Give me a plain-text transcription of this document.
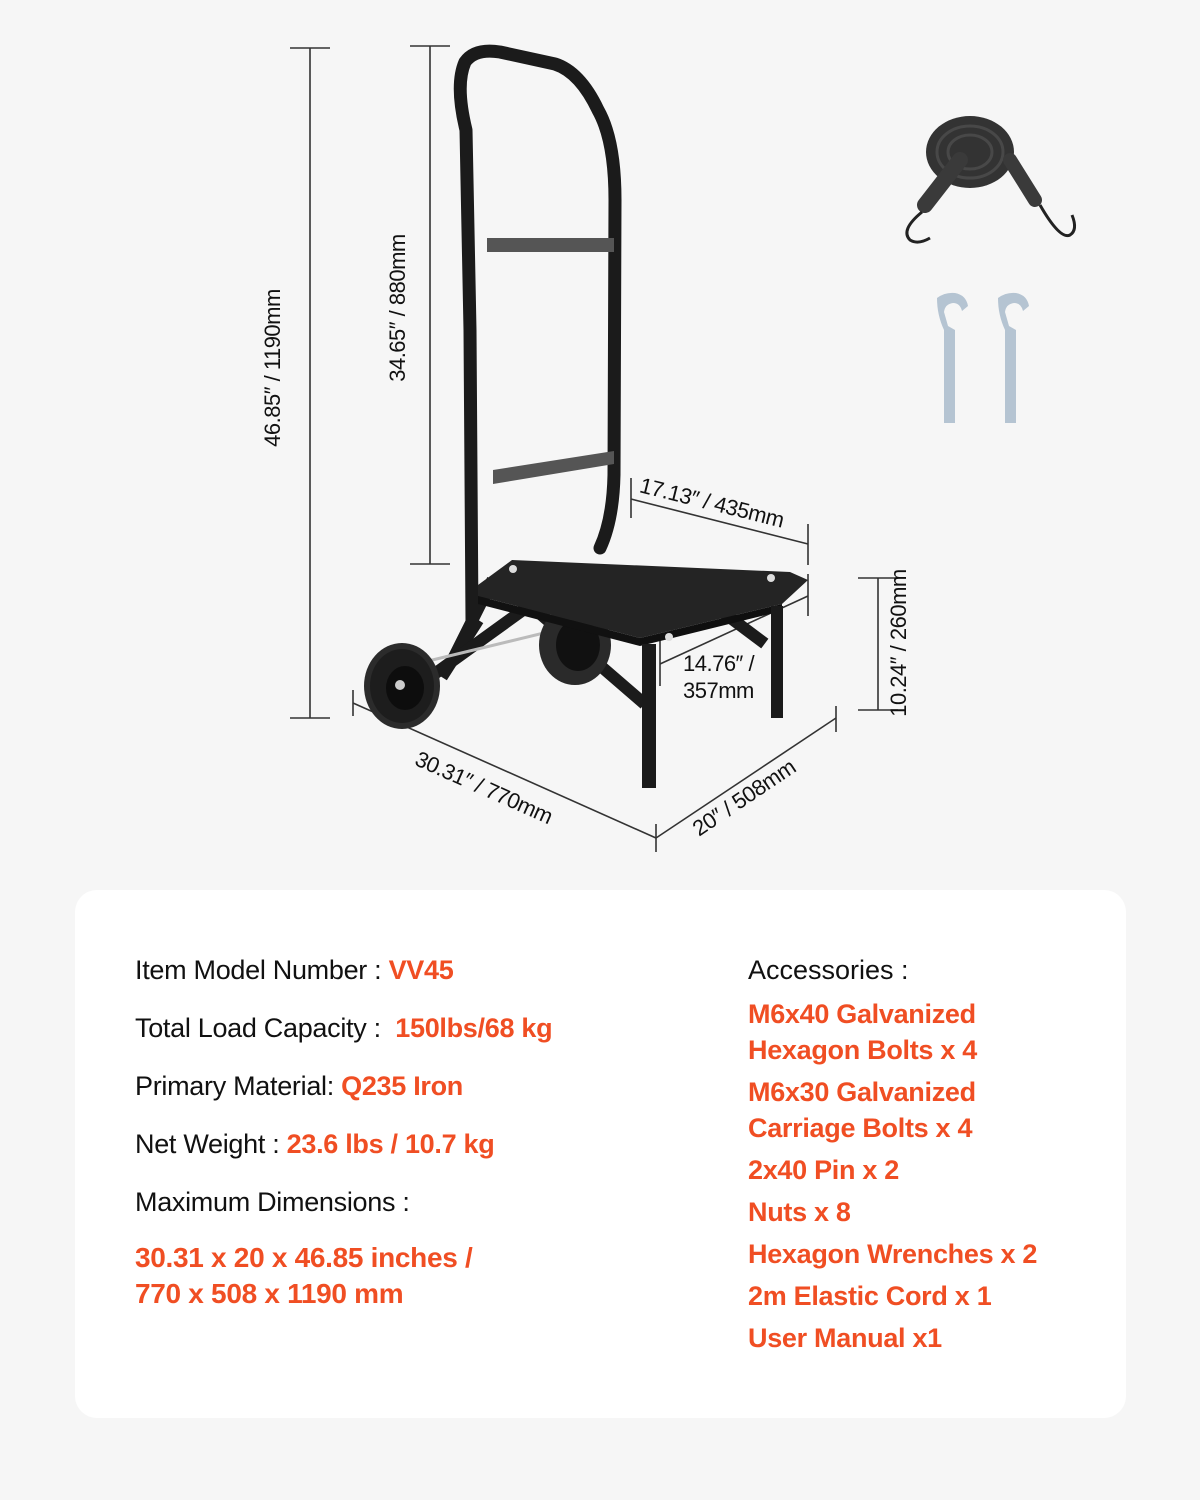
46.85″ / 1190mm	34.65″ / 880mm
17.13″ / 435mm
14.76″ /
357mm	10.24″ / 260mm
30.31″ / 770mm	20″ / 508mm
Item Model Number : VV45
Total Load Capacity : 150lbs/68 kg
Primary Material: Q235 Iron
Net Weight : 23.6 lbs / 10.7 kg
Maximum Dimensions :
30.31 x 20 x 46.85 inches /
770 x 508 x 1190 mm
Accessories :
M6x40 Galvanized
Hexagon Bolts x 4
M6x30 Galvanized
Carriage Bolts x 4
2x40 Pin x 2
Nuts x 8
Hexagon Wrenches x 2
2m Elastic Cord x 1
User Manual x1
